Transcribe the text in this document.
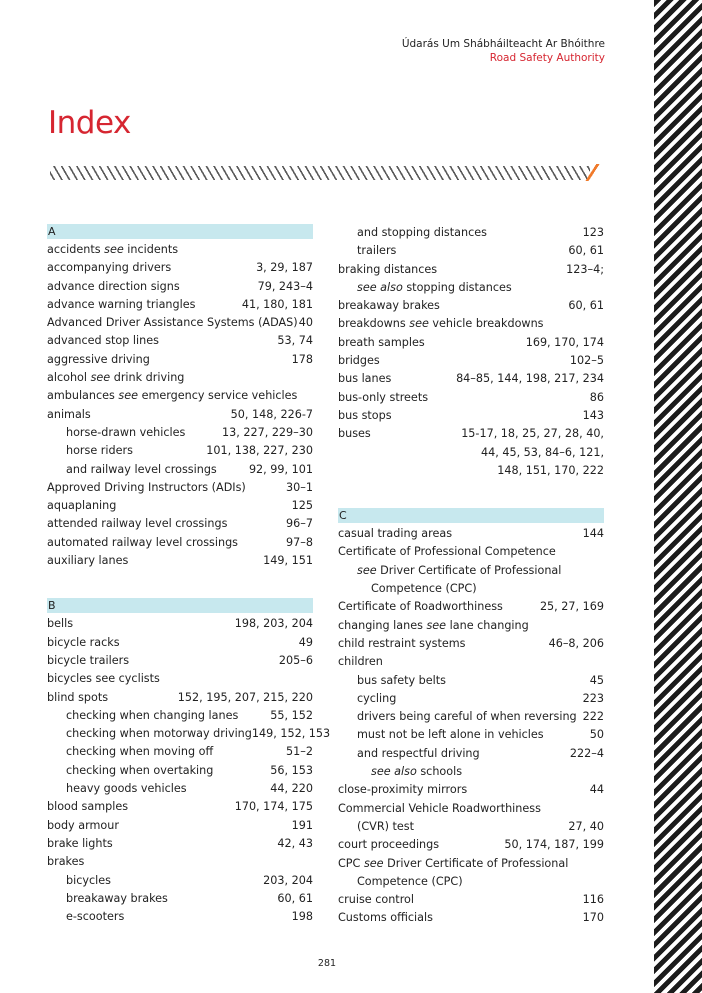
Údarás Um Shábháilteacht Ar Bhóithre
Road Safety Authority
Index
A
accidents see incidents
accompanying drivers	3, 29, 187
advance direction signs	79, 243–4
advance warning triangles	41, 180, 181
Advanced Driver Assistance Systems (ADAS) 40
advanced stop lines	53, 74
aggressive driving	178
alcohol see drink driving
ambulances see emergency service vehicles
animals	50, 148, 226-7
horse-drawn vehicles	13, 227, 229–30
horse riders	101, 138, 227, 230
and railway level crossings	92, 99, 101
Approved Driving Instructors (ADIs)	30–1
aquaplaning	125
attended railway level crossings	96–7
automated railway level crossings	97–8
auxiliary lanes	149, 151
B
bells	198, 203, 204
bicycle racks	49
bicycle trailers	205–6
bicycles see cyclists
blind spots	152, 195, 207, 215, 220
checking when changing lanes	55, 152
checking when motorway driving 149, 152, 153
checking when moving off	51–2
checking when overtaking	56, 153
heavy goods vehicles	44, 220
blood samples	170, 174, 175
body armour	191
brake lights	42, 43
brakes
bicycles	203, 204
breakaway brakes	60, 61
e-scooters	198
and stopping distances	123
trailers	60, 61
braking distances	123–4;
see also stopping distances
breakaway brakes	60, 61
breakdowns see vehicle breakdowns
breath samples	169, 170, 174
bridges	102–5
bus lanes	84–85, 144, 198, 217, 234
bus-only streets	86
bus stops	143
buses	15-17, 18, 25, 27, 28, 40,
44, 45, 53, 84–6, 121,
148, 151, 170, 222
C
casual trading areas	144
Certificate of Professional Competence
see Driver Certificate of Professional
Competence (CPC)
Certificate of Roadworthiness	25, 27, 169
changing lanes see lane changing
child restraint systems	46–8, 206
children
bus safety belts	45
cycling	223
drivers being careful of when reversing 222
must not be left alone in vehicles	50
and respectful driving	222–4
see also schools
close-proximity mirrors	44
Commercial Vehicle Roadworthiness
(CVR) test	27, 40
court proceedings	50, 174, 187, 199
CPC see Driver Certificate of Professional
Competence (CPC)
cruise control	116
Customs officials	170
281
